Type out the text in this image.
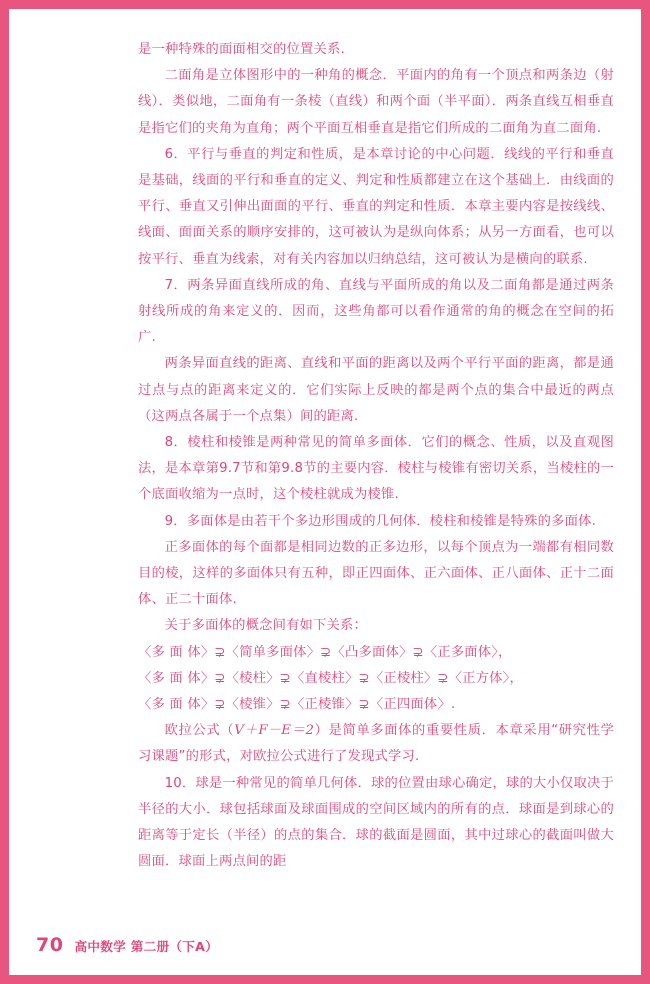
是一种特殊的面面相交的位置关系.

二面角是立体图形中的一种角的概念．平面内的角有一个顶点和两条边（射线）．类似地，二面角有一条棱（直线）和两个面（半平面）．两条直线互相垂直是指它们的夹角为直角；两个平面互相垂直是指它们所成的二面角为直二面角.

6．平行与垂直的判定和性质，是本章讨论的中心问题．线线的平行和垂直是基础，线面的平行和垂直的定义、判定和性质都建立在这个基础上．由线面的平行、垂直又引伸出面面的平行、垂直的判定和性质．本章主要内容是按线线、线面、面面关系的顺序安排的，这可被认为是纵向体系；从另一方面看，也可以按平行、垂直为线索，对有关内容加以归纳总结，这可被认为是横向的联系.

7．两条异面直线所成的角、直线与平面所成的角以及二面角都是通过两条射线所成的角来定义的．因而，这些角都可以看作通常的角的概念在空间的拓广.

两条异面直线的距离、直线和平面的距离以及两个平行平面的距离，都是通过点与点的距离来定义的．它们实际上反映的都是两个点的集合中最近的两点（这两点各属于一个点集）间的距离.

8．棱柱和棱锥是两种常见的简单多面体．它们的概念、性质，以及直观图法，是本章第9.7节和第9.8节的主要内容．棱柱与棱锥有密切关系，当棱柱的一个底面收缩为一点时，这个棱柱就成为棱锥.

9．多面体是由若干个多边形围成的几何体．棱柱和棱锥是特殊的多面体.

正多面体的每个面都是相同边数的正多边形，以每个顶点为一端都有相同数目的棱，这样的多面体只有五种，即正四面体、正六面体、正八面体、正十二面体、正二十面体.

关于多面体的概念间有如下关系：

〈多 面 体〉⊋〈简单多面体〉⊋〈凸多面体〉⊋〈正多面体〉，

〈多 面 体〉⊋〈棱柱〉⊋〈直棱柱〉⊋〈正棱柱〉⊋〈正方体〉，

〈多 面 体〉⊋〈棱锥〉⊋〈正棱锥〉⊋〈正四面体〉.

欧拉公式（V＋F－E＝2）是简单多面体的重要性质．本章采用“研究性学习课题”的形式，对欧拉公式进行了发现式学习.

10．球是一种常见的简单几何体．球的位置由球心确定，球的大小仅取决于半径的大小．球包括球面及球面围成的空间区域内的所有的点．球面是到球心的距离等于定长（半径）的点的集合．球的截面是圆面，其中过球心的截面叫做大圆面．球面上两点间的距

70 高中数学 第二册（下A）
